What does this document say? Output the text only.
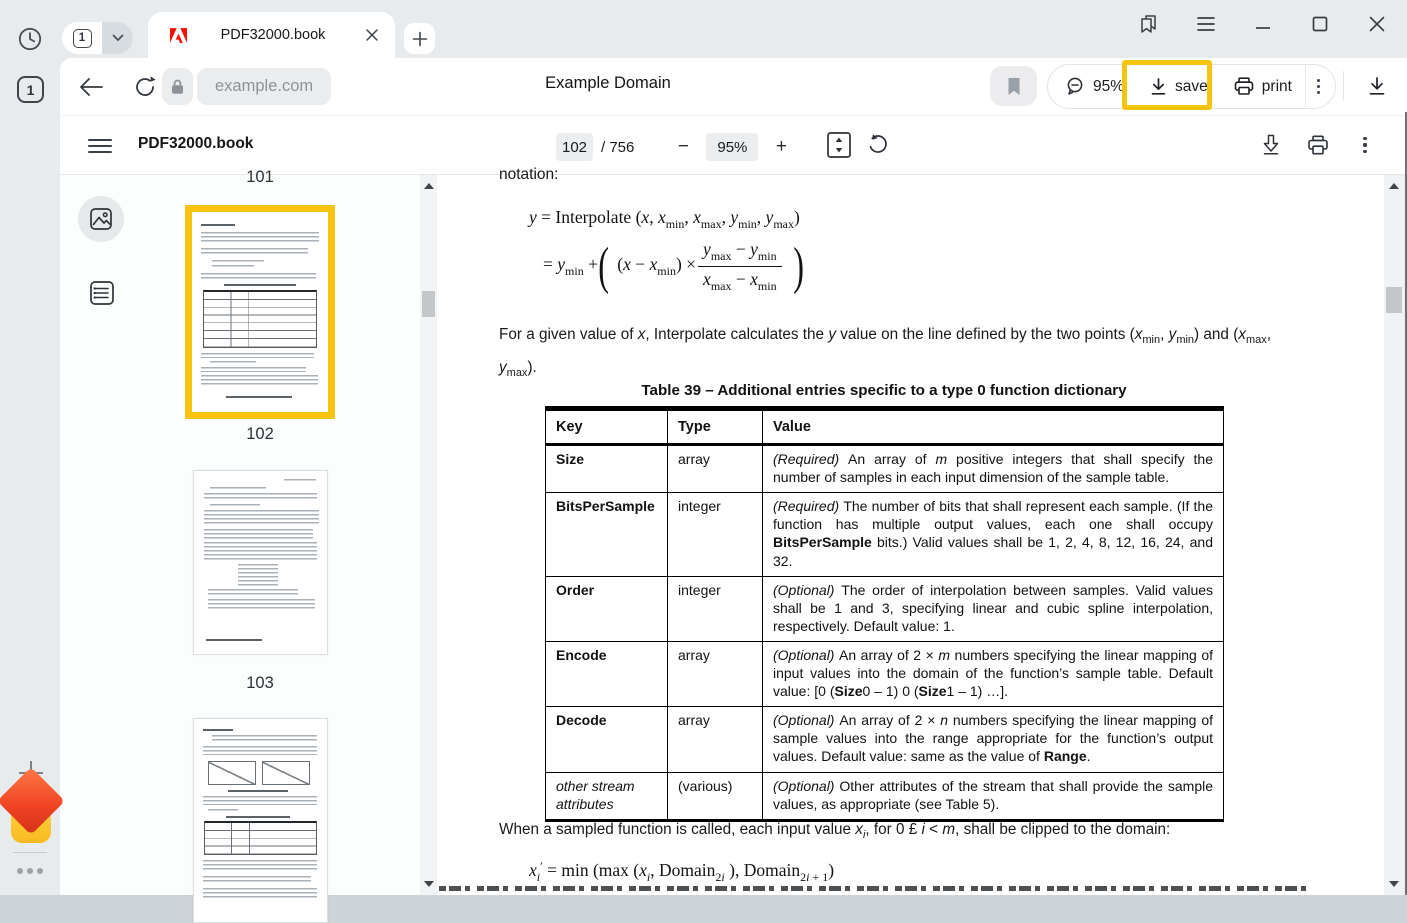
1
1	PDF32000.book
example.com	Example Domain	95%	save	print
PDF32000.book	102 / 756	−	95%	+
101
102
103
notation:
y = Interpolate (x, $x_{min}$, $x_{max}$, $y_{min}$, $y_{max}$)
= $y_{min}$ + ( $(x - x_{min}) \times \frac{y_{max} - y_{min}}{x_{max} - x_{min}}$ )
For a given value of x, Interpolate calculates the y value on the line defined by the two points ($x_{min}$, $y_{min}$) and ($x_{max}$, $y_{max}$).
Table 39 – Additional entries specific to a type 0 function dictionary
Key	Type	Value
Size	array	(Required) An array of m positive integers that shall specify the number of samples in each input dimension of the sample table.
BitsPerSample	integer	(Required) The number of bits that shall represent each sample. (If the function has multiple output values, each one shall occupy BitsPerSample bits.) Valid values shall be 1, 2, 4, 8, 12, 16, 24, and 32.
Order	integer	(Optional) The order of interpolation between samples. Valid values shall be 1 and 3, specifying linear and cubic spline interpolation, respectively. Default value: 1.
Encode	array	(Optional) An array of 2 × m numbers specifying the linear mapping of input values into the domain of the function’s sample table. Default value: [0 (Size0 – 1) 0 (Size1 – 1) …].
Decode	array	(Optional) An array of 2 × n numbers specifying the linear mapping of sample values into the range appropriate for the function’s output values. Default value: same as the value of Range.
other stream attributes	(various)	(Optional) Other attributes of the stream that shall provide the sample values, as appropriate (see Table 5).
When a sampled function is called, each input value $x_i$, for 0 £ i < m, shall be clipped to the domain:
$x_i' = \min (\max$ ($x_i$, Domain$_{2i}$ ), Domain$_{2i}$ $_{+ 1}$)
